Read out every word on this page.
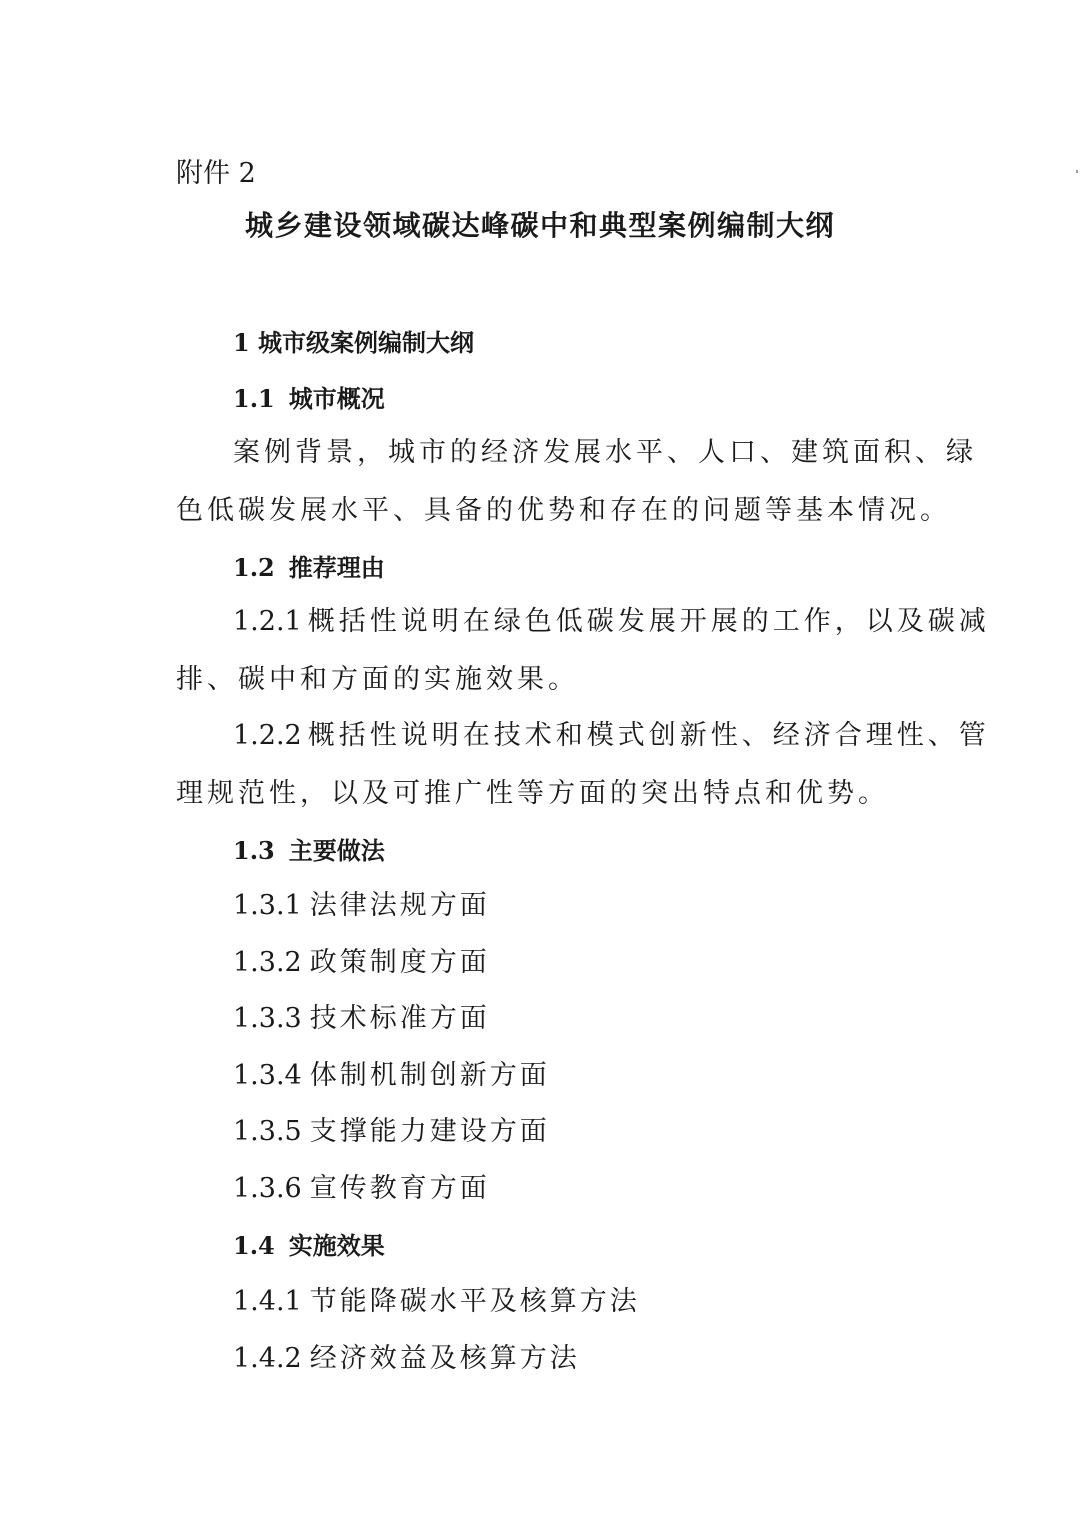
附件 2
城乡建设领域碳达峰碳中和典型案例编制大纲
1 城市级案例编制大纲
1.1 城市概况
案例背景，城市的经济发展水平、人口、建筑面积、绿
色低碳发展水平、具备的优势和存在的问题等基本情况。
1.2 推荐理由
1.2.1 概括性说明在绿色低碳发展开展的工作，以及碳减
排、碳中和方面的实施效果。
1.2.2 概括性说明在技术和模式创新性、经济合理性、管
理规范性，以及可推广性等方面的突出特点和优势。
1.3 主要做法
1.3.1 法律法规方面
1.3.2 政策制度方面
1.3.3 技术标准方面
1.3.4 体制机制创新方面
1.3.5 支撑能力建设方面
1.3.6 宣传教育方面
1.4 实施效果
1.4.1 节能降碳水平及核算方法
1.4.2 经济效益及核算方法
